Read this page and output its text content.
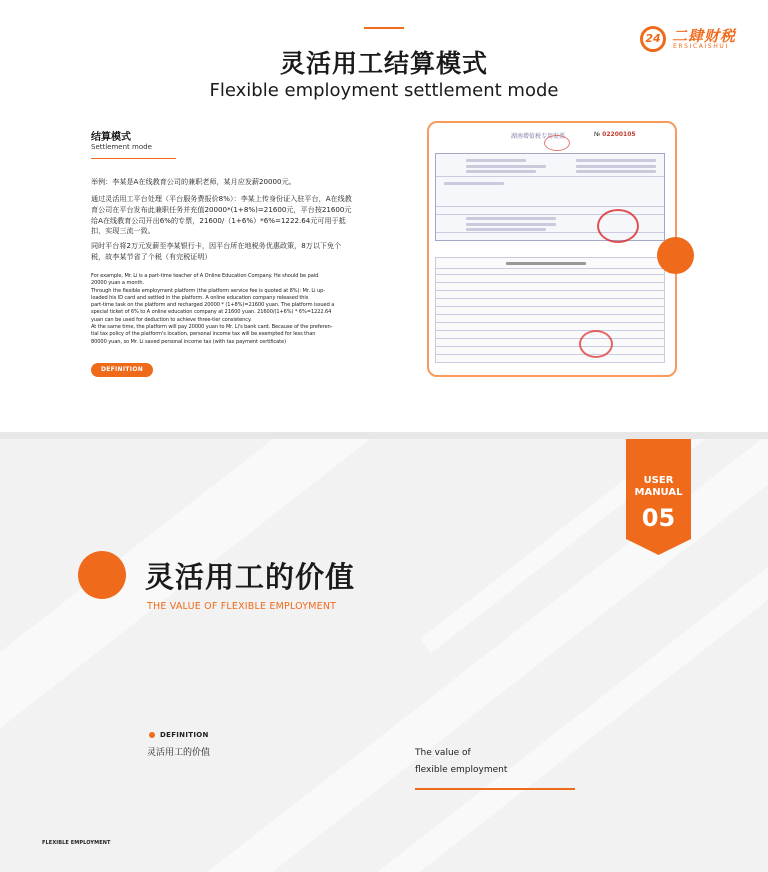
灵活用工结算模式
Flexible employment settlement mode
24 二肆财税
ERSICAISHUI
结算模式
Settlement mode
举例：李某是A在线教育公司的兼职老师，某月应发薪20000元。
通过灵活用工平台处理（平台服务费报价8%）：李某上传身份证入驻平台，A在线教育公司在平台发布此兼职任务并充值20000*(1+8%)=21600元，平台按21600元给A在线教育公司开出6%的专票，21600/（1+6%）*6%=1222.64元可用于抵扣，实现三流一致。
同时平台将2万元发薪至李某银行卡，因平台所在地税务优惠政策，8万以下免个税，故李某节省了个税（有完税证明）
For example, Mr. Li is a part-time teacher of A Online Education Company. He should be paid
20000 yuan a month.
Through the flexible employment platform (the platform service fee is quoted at 8%): Mr. Li up-
loaded his ID card and settled in the platform. A online education company released this
part-time task on the platform and recharged 20000 * (1+8%)=21600 yuan. The platform issued a
special ticket of 6% to A online education company at 21600 yuan. 21600/(1+6%) * 6%=1222.64
yuan can be used for deduction to achieve three-tier consistency.
At the same time, the platform will pay 20000 yuan to Mr. Li's bank card. Because of the preferen-
tial tax policy of the platform's location, personal income tax will be exempted for less than
80000 yuan, so Mr. Li saved personal income tax (with tax payment certificate)
DEFINITION
湖南增值税专用发票	№ 02200105
USER
MANUAL
05
灵活用工的价值
THE VALUE OF FLEXIBLE EMPLOYMENT
DEFINITION
灵活用工的价值	The value of
flexible employment
FLEXIBLE EMPLOYMENT
